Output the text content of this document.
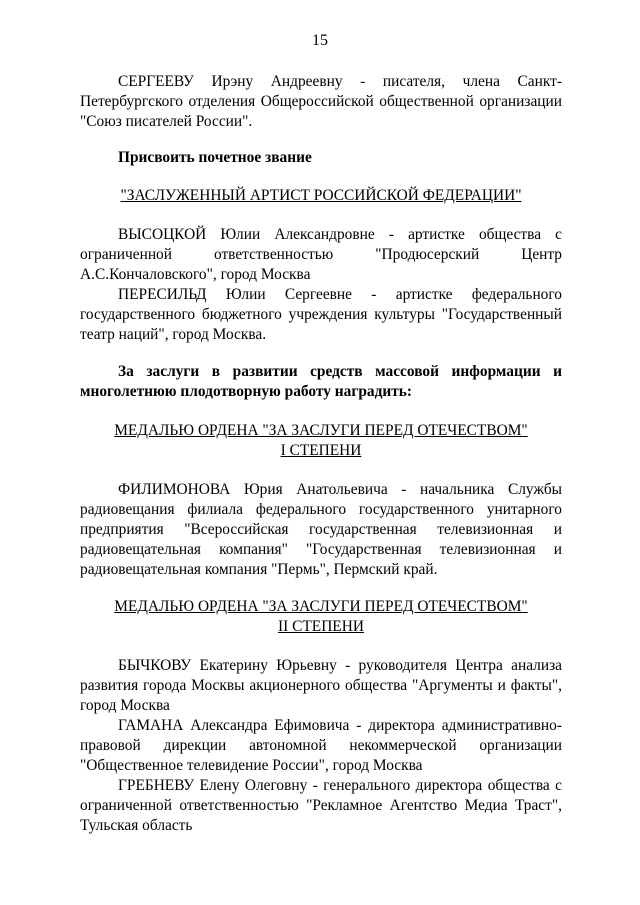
15

СЕРГЕЕВУ Ирэну Андреевну - писателя, члена Санкт-Петербургского отделения Общероссийской общественной организации "Союз писателей России".

Присвоить почетное звание

"ЗАСЛУЖЕННЫЙ АРТИСТ РОССИЙСКОЙ ФЕДЕРАЦИИ"

ВЫСОЦКОЙ Юлии Александровне - артистке общества с ограниченной ответственностью "Продюсерский Центр А.С.Кончаловского", город Москва

ПЕРЕСИЛЬД Юлии Сергеевне - артистке федерального государственного бюджетного учреждения культуры "Государственный театр наций", город Москва.

За заслуги в развитии средств массовой информации и многолетнюю плодотворную работу наградить:

МЕДАЛЬЮ ОРДЕНА "ЗА ЗАСЛУГИ ПЕРЕД ОТЕЧЕСТВОМ"

I СТЕПЕНИ

ФИЛИМОНОВА Юрия Анатольевича - начальника Службы радиовещания филиала федерального государственного унитарного предприятия "Всероссийская государственная телевизионная и радиовещательная компания" "Государственная телевизионная и радиовещательная компания "Пермь", Пермский край.

МЕДАЛЬЮ ОРДЕНА "ЗА ЗАСЛУГИ ПЕРЕД ОТЕЧЕСТВОМ"

II СТЕПЕНИ

БЫЧКОВУ Екатерину Юрьевну - руководителя Центра анализа развития города Москвы акционерного общества "Аргументы и факты", город Москва

ГАМАНА Александра Ефимовича - директора административно-правовой дирекции автономной некоммерческой организации "Общественное телевидение России", город Москва

ГРЕБНЕВУ Елену Олеговну - генерального директора общества с ограниченной ответственностью "Рекламное Агентство Медиа Траст", Тульская область
